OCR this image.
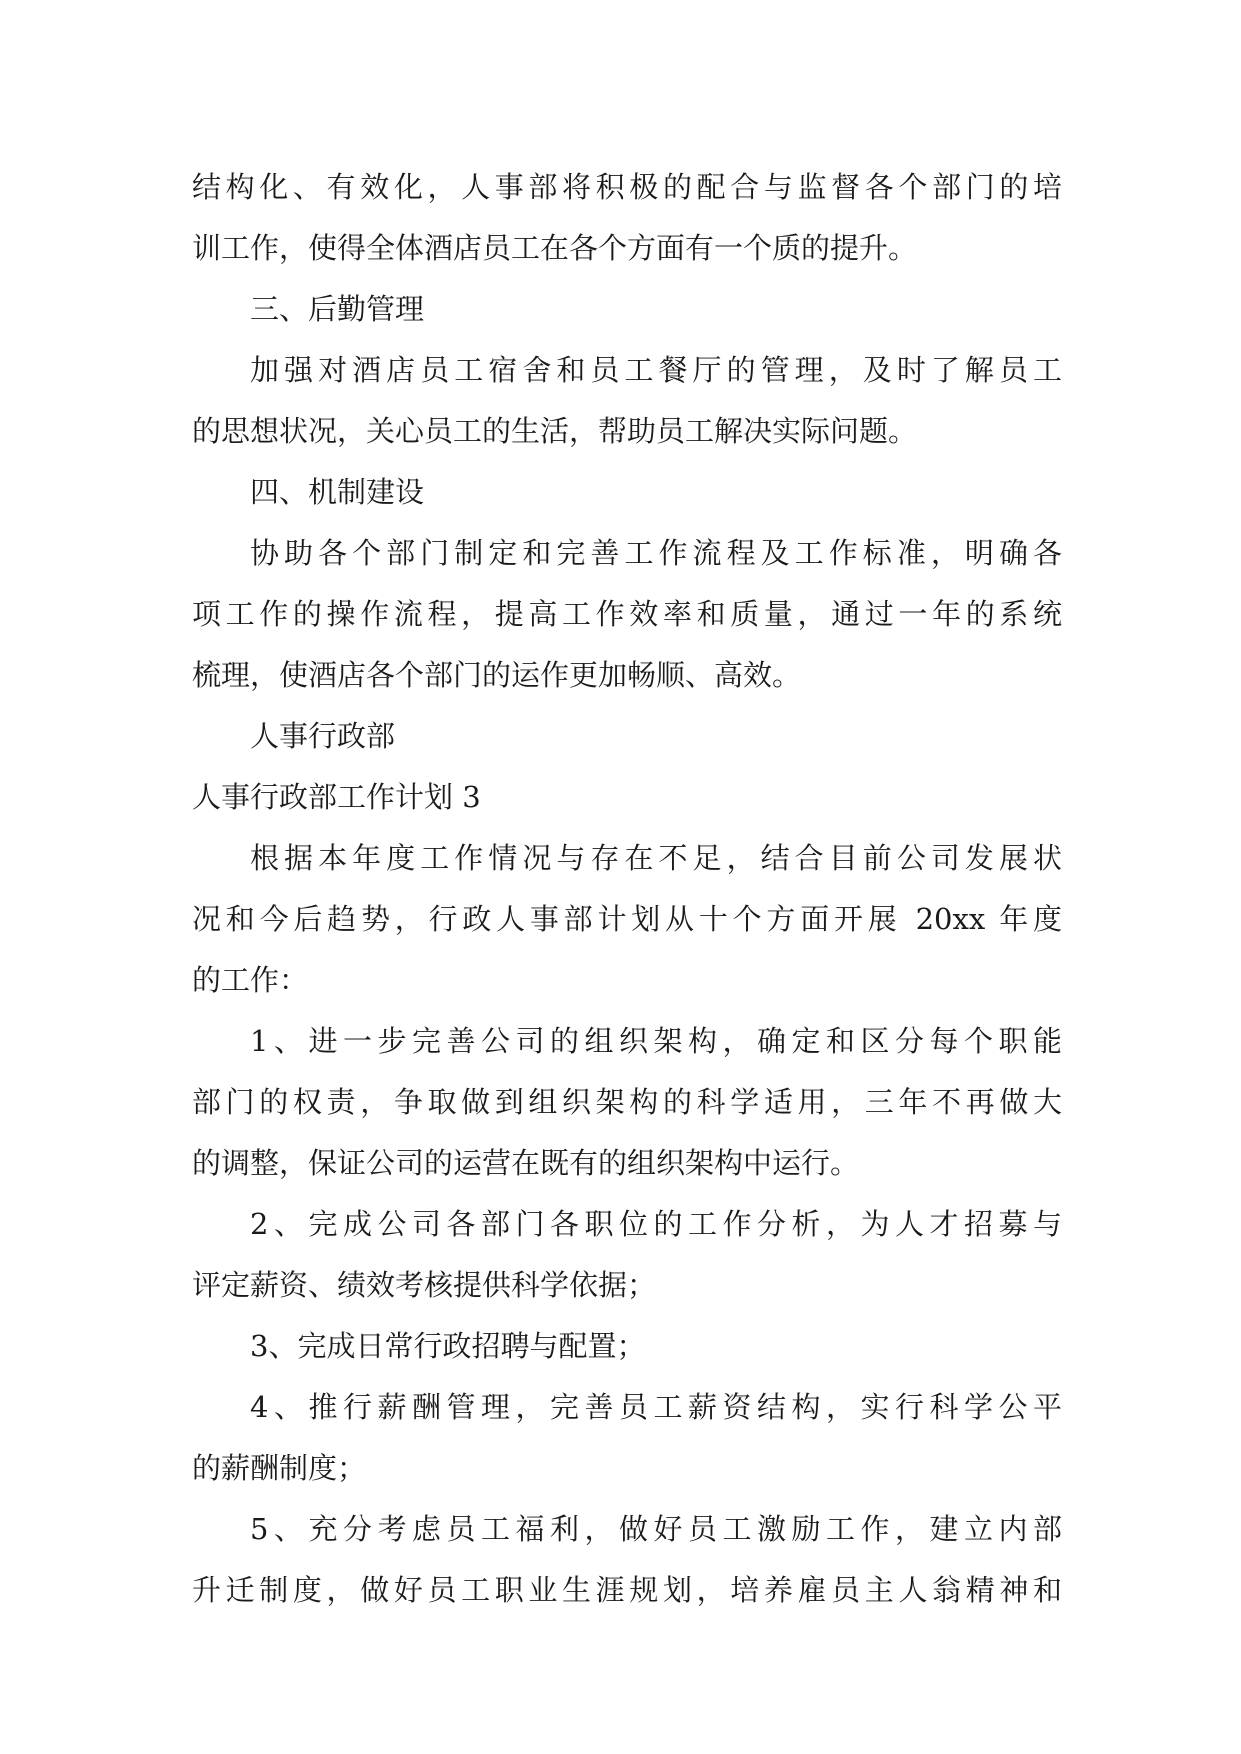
结构化、有效化，人事部将积极的配合与监督各个部门的培
训工作，使得全体酒店员工在各个方面有一个质的提升。
三、后勤管理
加强对酒店员工宿舍和员工餐厅的管理，及时了解员工
的思想状况，关心员工的生活，帮助员工解决实际问题。
四、机制建设
协助各个部门制定和完善工作流程及工作标准，明确各
项工作的操作流程，提高工作效率和质量，通过一年的系统
梳理，使酒店各个部门的运作更加畅顺、高效。
人事行政部
人事行政部工作计划 3
根据本年度工作情况与存在不足，结合目前公司发展状
况和今后趋势，行政人事部计划从十个方面开展 20xx 年度
的工作：
1、进一步完善公司的组织架构，确定和区分每个职能
部门的权责，争取做到组织架构的科学适用，三年不再做大
的调整，保证公司的运营在既有的组织架构中运行。
2、完成公司各部门各职位的工作分析，为人才招募与
评定薪资、绩效考核提供科学依据；
3、完成日常行政招聘与配置；
4、推行薪酬管理，完善员工薪资结构，实行科学公平
的薪酬制度；
5、充分考虑员工福利，做好员工激励工作，建立内部
升迁制度，做好员工职业生涯规划，培养雇员主人翁精神和
